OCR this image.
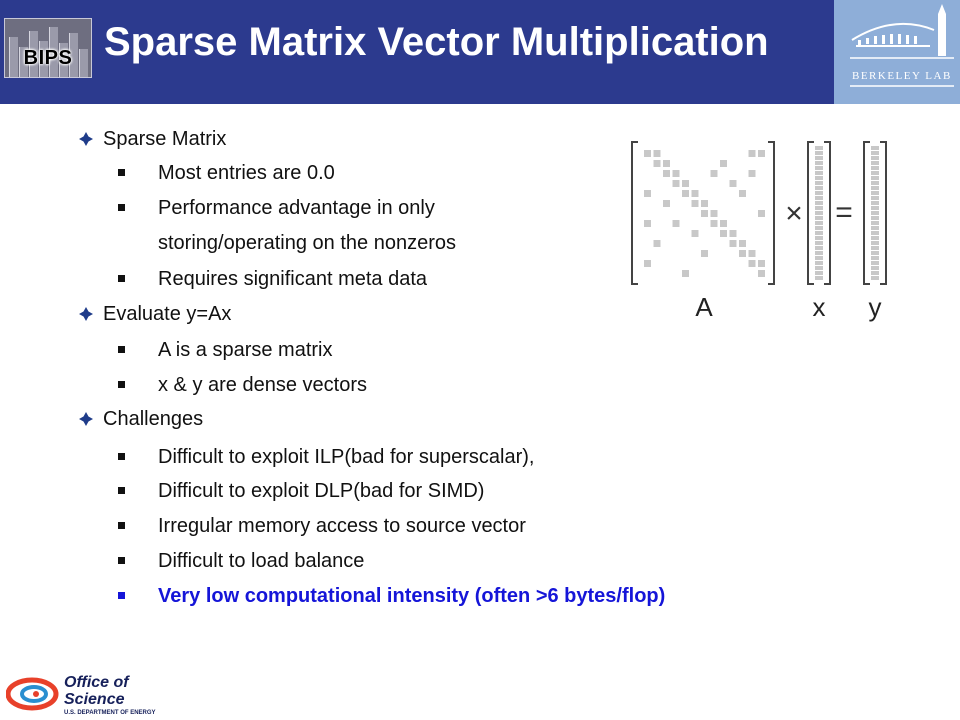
BIPS Sparse Matrix Vector Multiplication
BERKELEY LAB
Sparse Matrix
Most entries are 0.0
Performance advantage in only
storing/operating on the nonzeros
Requires significant meta data
Evaluate y=Ax
A is a sparse matrix
x & y are dense vectors
Challenges
Difficult to exploit ILP(bad for superscalar),
Difficult to exploit DLP(bad for SIMD)
Irregular memory access to source vector
Difficult to load balance
Very low computational intensity (often >6 bytes/flop)
=
×
A	x y
Office of
Science
U.S. DEPARTMENT OF ENERGY
